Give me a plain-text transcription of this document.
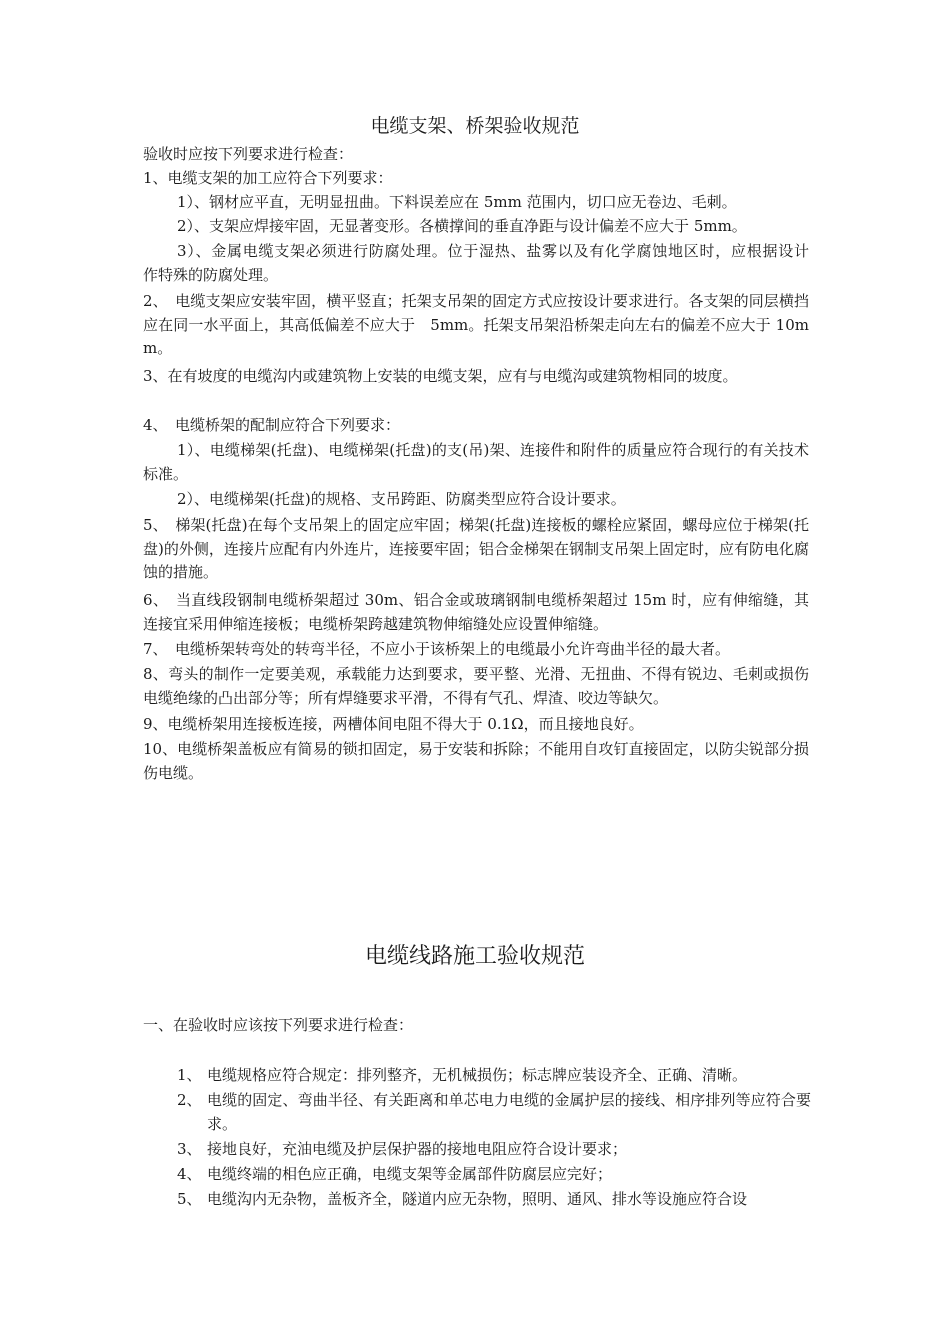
电缆支架、桥架验收规范

验收时应按下列要求进行检查：

1、电缆支架的加工应符合下列要求：

1）、钢材应平直，无明显扭曲。下料误差应在 5mm 范围内，切口应无卷边、毛刺。

2）、支架应焊接牢固，无显著变形。各横撑间的垂直净距与设计偏差不应大于 5mm。

3）、金属电缆支架必须进行防腐处理。位于湿热、盐雾以及有化学腐蚀地区时，应根据设计　作特殊的防腐处理。

2、　电缆支架应安装牢固，横平竖直；托架支吊架的固定方式应按设计要求进行。各支架的同层横挡应在同一水平面上，其高低偏差不应大于　5mm。托架支吊架沿桥架走向左右的偏差不应大于 10mm。

3、在有坡度的电缆沟内或建筑物上安装的电缆支架，应有与电缆沟或建筑物相同的坡度。

4、　电缆桥架的配制应符合下列要求：

1）、电缆梯架(托盘)、电缆梯架(托盘)的支(吊)架、连接件和附件的质量应符合现行的有关技术标准。

2）、电缆梯架(托盘)的规格、支吊跨距、防腐类型应符合设计要求。

5、　梯架(托盘)在每个支吊架上的固定应牢固；梯架(托盘)连接板的螺栓应紧固，螺母应位于梯架(托盘)的外侧，连接片应配有内外连片，连接要牢固；铝合金梯架在钢制支吊架上固定时，应有防电化腐蚀的措施。

6、　当直线段钢制电缆桥架超过 30m、铝合金或玻璃钢制电缆桥架超过 15m 时，应有伸缩缝，其连接宜采用伸缩连接板；电缆桥架跨越建筑物伸缩缝处应设置伸缩缝。

7、　电缆桥架转弯处的转弯半径，不应小于该桥架上的电缆最小允许弯曲半径的最大者。

8、弯头的制作一定要美观，承载能力达到要求，要平整、光滑、无扭曲、不得有锐边、毛刺或损伤电缆绝缘的凸出部分等；所有焊缝要求平滑，不得有气孔、焊渣、咬边等缺欠。

9、电缆桥架用连接板连接，两槽体间电阻不得大于 0.1Ω，而且接地良好。

10、电缆桥架盖板应有简易的锁扣固定，易于安装和拆除；不能用自攻钉直接固定，以防尖锐部分损伤电缆。

电缆线路施工验收规范
一、在验收时应该按下列要求进行检查：
1、 电缆规格应符合规定：排列整齐，无机械损伤；标志牌应装设齐全、正确、清晰。
2、 电缆的固定、弯曲半径、有关距离和单芯电力电缆的金属护层的接线、相序排列等应符合要求。
3、 接地良好，充油电缆及护层保护器的接地电阻应符合设计要求；
4、 电缆终端的相色应正确，电缆支架等金属部件防腐层应完好；
5、 电缆沟内无杂物，盖板齐全，隧道内应无杂物，照明、通风、排水等设施应符合设
